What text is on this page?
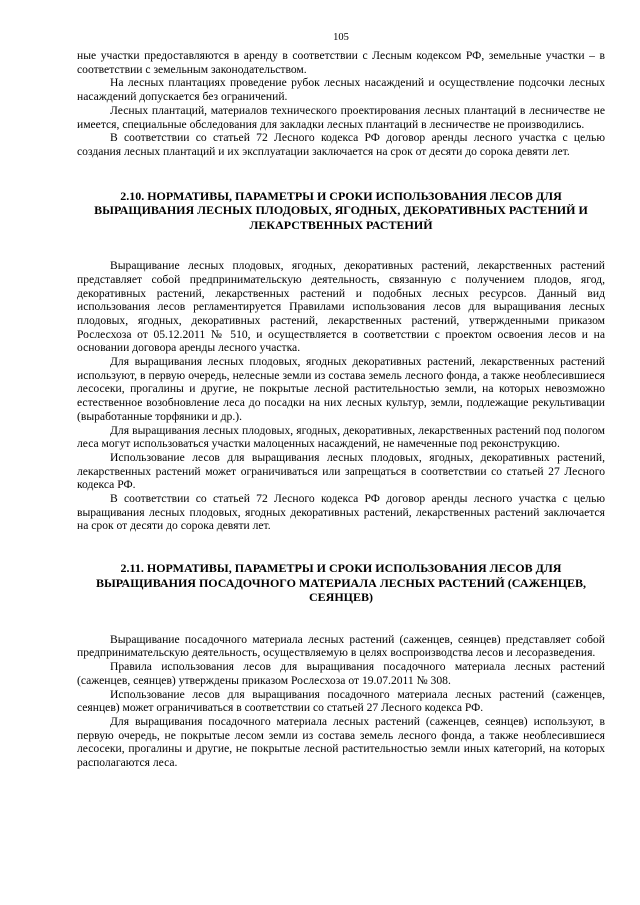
105

ные участки предоставляются в аренду в соответствии с Лесным кодексом РФ, земельные участки – в соответствии с земельным законодательством.

На лесных плантациях проведение рубок лесных насаждений и осуществление подсочки лесных насаждений допускается без ограничений.

Лесных плантаций, материалов технического проектирования лесных плантаций в лесничестве не имеется, специальные обследования для закладки лесных плантаций в лесничестве не производились.

В соответствии со статьей 72 Лесного кодекса РФ договор аренды лесного участка с целью создания лесных плантаций и их эксплуатации заключается на срок от десяти до сорока девяти лет.

2.10. НОРМАТИВЫ, ПАРАМЕТРЫ И СРОКИ ИСПОЛЬЗОВАНИЯ ЛЕСОВ ДЛЯ ВЫРАЩИВАНИЯ ЛЕСНЫХ ПЛОДОВЫХ, ЯГОДНЫХ, ДЕКОРАТИВНЫХ РАСТЕНИЙ И ЛЕКАРСТВЕННЫХ РАСТЕНИЙ

Выращивание лесных плодовых, ягодных, декоративных растений, лекарственных растений представляет собой предпринимательскую деятельность, связанную с получением плодов, ягод, декоративных растений, лекарственных растений и подобных лесных ресурсов. Данный вид использования лесов регламентируется Правилами использования лесов для выращивания лесных плодовых, ягодных, декоративных растений, лекарственных растений, утвержденными приказом Рослесхоза от 05.12.2011 № 510, и осуществляется в соответствии с проектом освоения лесов и на основании договора аренды лесного участка.

Для выращивания лесных плодовых, ягодных декоративных растений, лекарственных растений используют, в первую очередь, нелесные земли из состава земель лесного фонда, а также необлесившиеся лесосеки, прогалины и другие, не покрытые лесной растительностью земли, на которых невозможно естественное возобновление леса до посадки на них лесных культур, земли, подлежащие рекультивации (выработанные торфяники и др.).

Для выращивания лесных плодовых, ягодных, декоративных, лекарственных растений под пологом леса могут использоваться участки малоценных насаждений, не намеченные под реконструкцию.

Использование лесов для выращивания лесных плодовых, ягодных, декоративных растений, лекарственных растений может ограничиваться или запрещаться в соответствии со статьей 27 Лесного кодекса РФ.

В соответствии со статьей 72 Лесного кодекса РФ договор аренды лесного участка с целью выращивания лесных плодовых, ягодных декоративных растений, лекарственных растений заключается на срок от десяти до сорока девяти лет.

2.11. НОРМАТИВЫ, ПАРАМЕТРЫ И СРОКИ ИСПОЛЬЗОВАНИЯ ЛЕСОВ ДЛЯ ВЫРАЩИВАНИЯ ПОСАДОЧНОГО МАТЕРИАЛА ЛЕСНЫХ РАСТЕНИЙ (САЖЕНЦЕВ, СЕЯНЦЕВ)

Выращивание посадочного материала лесных растений (саженцев, сеянцев) представляет собой предпринимательскую деятельность, осуществляемую в целях воспроизводства лесов и лесоразведения.

Правила использования лесов для выращивания посадочного материала лесных растений (саженцев, сеянцев) утверждены приказом Рослесхоза от 19.07.2011 № 308.

Использование лесов для выращивания посадочного материала лесных растений (саженцев, сеянцев) может ограничиваться в соответствии со статьей 27 Лесного кодекса РФ.

Для выращивания посадочного материала лесных растений (саженцев, сеянцев) используют, в первую очередь, не покрытые лесом земли из состава земель лесного фонда, а также необлесившиеся лесосеки, прогалины и другие, не покрытые лесной растительностью земли иных категорий, на которых располагаются леса.
